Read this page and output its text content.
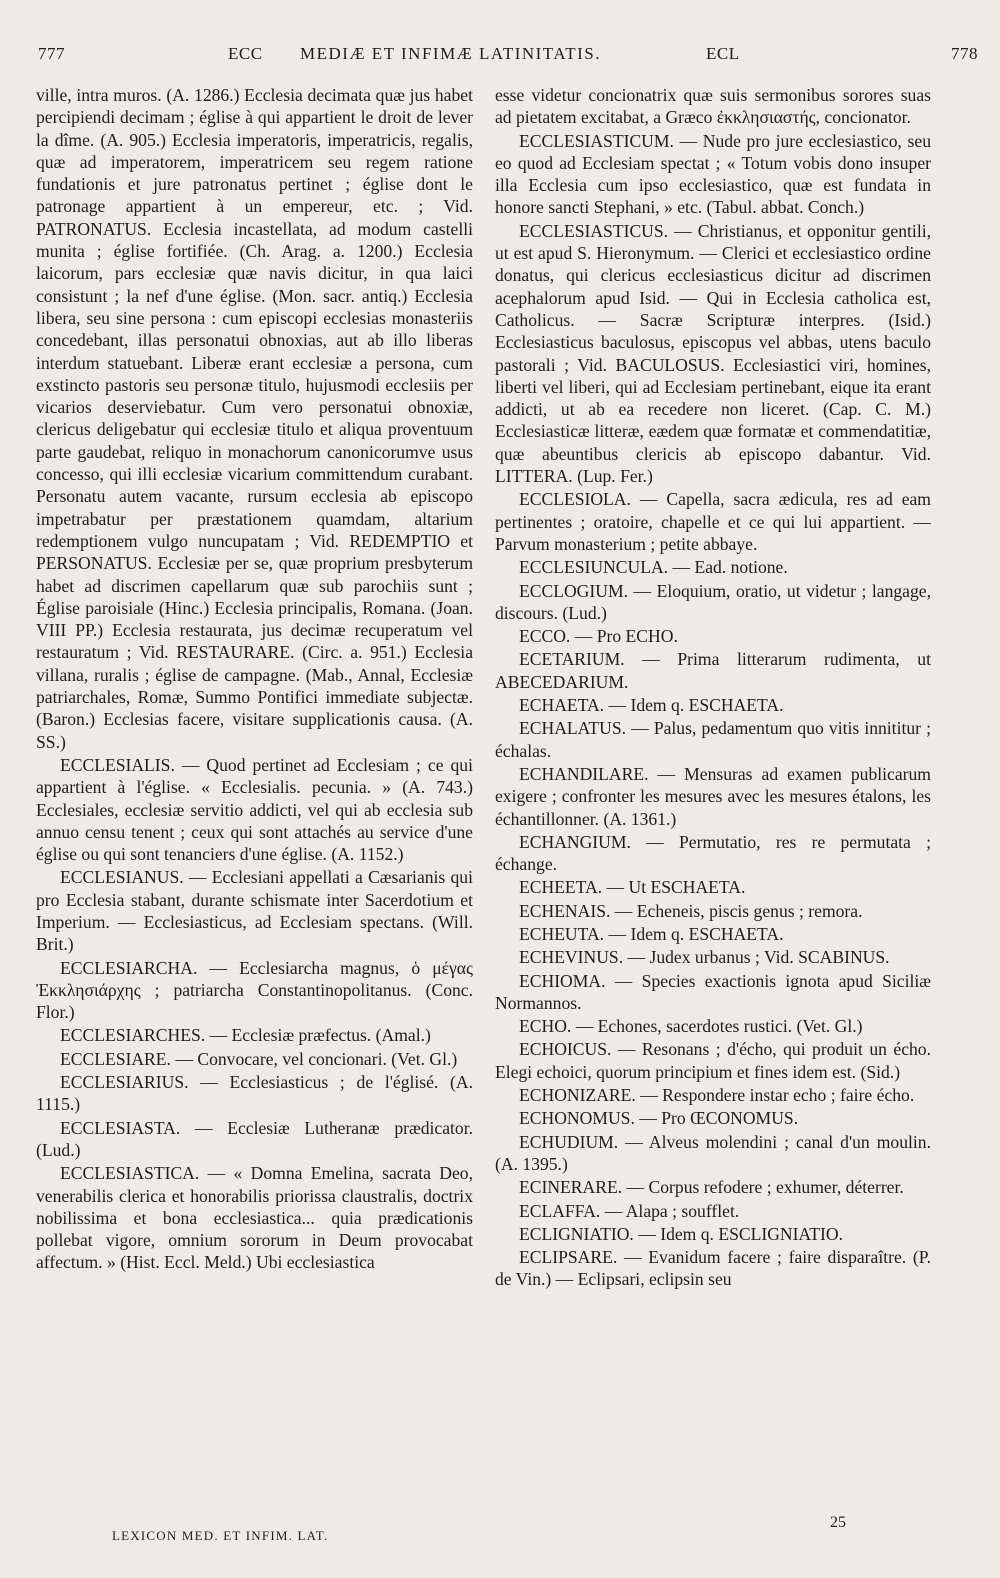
777	ECC MEDIÆ ET INFIMÆ LATINITATIS.	ECL	778

ville, intra muros. (A. 1286.) Ecclesia decimata quæ jus habet percipiendi decimam ; église à qui appartient le droit de lever la dîme. (A. 905.) Ecclesia imperatoris, imperatricis, regalis, quæ ad imperatorem, imperatricem seu regem ratione fundationis et jure patronatus pertinet ; église dont le patronage appartient à un empereur, etc. ; Vid. PATRONATUS. Ecclesia incastellata, ad modum castelli munita ; église fortifiée. (Ch. Arag. a. 1200.) Ecclesia laicorum, pars ecclesiæ quæ navis dicitur, in qua laici consistunt ; la nef d'une église. (Mon. sacr. antiq.) Ecclesia libera, seu sine persona : cum episcopi ecclesias monasteriis concedebant, illas personatui obnoxias, aut ab illo liberas interdum statuebant. Liberæ erant ecclesiæ a persona, cum exstincto pastoris seu personæ titulo, hujusmodi ecclesiis per vicarios deserviebatur. Cum vero personatui obnoxiæ, clericus deligebatur qui ecclesiæ titulo et aliqua proventuum parte gaudebat, reliquo in monachorum canonicorumve usus concesso, qui illi ecclesiæ vicarium committendum curabant. Personatu autem vacante, rursum ecclesia ab episcopo impetrabatur per præstationem quamdam, altarium redemptionem vulgo nuncupatam ; Vid. REDEMPTIO et PERSONATUS. Ecclesiæ per se, quæ proprium presbyterum habet ad discrimen capellarum quæ sub parochiis sunt ; Église paroisiale (Hinc.) Ecclesia principalis, Romana. (Joan. VIII PP.) Ecclesia restaurata, jus decimæ recuperatum vel restauratum ; Vid. RESTAURARE. (Circ. a. 951.) Ecclesia villana, ruralis ; église de campagne. (Mab., Annal, Ecclesiæ patriarchales, Romæ, Summo Pontifici immediate subjectæ. (Baron.) Ecclesias facere, visitare supplicationis causa. (A. SS.)

ECCLESIALIS. — Quod pertinet ad Ecclesiam ; ce qui appartient à l'église. « Ecclesialis. pecunia. » (A. 743.) Ecclesiales, ecclesiæ servitio addicti, vel qui ab ecclesia sub annuo censu tenent ; ceux qui sont attachés au service d'une église ou qui sont tenanciers d'une église. (A. 1152.)

ECCLESIANUS. — Ecclesiani appellati a Cæsarianis qui pro Ecclesia stabant, durante schismate inter Sacerdotium et Imperium. — Ecclesiasticus, ad Ecclesiam spectans. (Will. Brit.)

ECCLESIARCHA. — Ecclesiarcha magnus, ὁ μέγας Ἐκκλησιάρχης ; patriarcha Constantinopolitanus. (Conc. Flor.)

ECCLESIARCHES. — Ecclesiæ præfectus. (Amal.)

ECCLESIARE. — Convocare, vel concionari. (Vet. Gl.)

ECCLESIARIUS. — Ecclesiasticus ; de l'églisé. (A. 1115.)

ECCLESIASTA. — Ecclesiæ Lutheranæ prædicator. (Lud.)

ECCLESIASTICA. — « Domna Emelina, sacrata Deo, venerabilis clerica et honorabilis priorissa claustralis, doctrix nobilissima et bona ecclesiastica... quia prædicationis pollebat vigore, omnium sororum in Deum provocabat affectum. » (Hist. Eccl. Meld.) Ubi ecclesiastica

esse videtur concionatrix quæ suis sermonibus sorores suas ad pietatem excitabat, a Græco ἐκκλησιαστής, concionator.

ECCLESIASTICUM. — Nude pro jure ecclesiastico, seu eo quod ad Ecclesiam spectat ; « Totum vobis dono insuper illa Ecclesia cum ipso ecclesiastico, quæ est fundata in honore sancti Stephani, » etc. (Tabul. abbat. Conch.)

ECCLESIASTICUS. — Christianus, et opponitur gentili, ut est apud S. Hieronymum. — Clerici et ecclesiastico ordine donatus, qui clericus ecclesiasticus dicitur ad discrimen acephalorum apud Isid. — Qui in Ecclesia catholica est, Catholicus. — Sacræ Scripturæ interpres. (Isid.) Ecclesiasticus baculosus, episcopus vel abbas, utens baculo pastorali ; Vid. BACULOSUS. Ecclesiastici viri, homines, liberti vel liberi, qui ad Ecclesiam pertinebant, eique ita erant addicti, ut ab ea recedere non liceret. (Cap. C. M.) Ecclesiasticæ litteræ, eædem quæ formatæ et commendatitiæ, quæ abeuntibus clericis ab episcopo dabantur. Vid. LITTERA. (Lup. Fer.)

ECCLESIOLA. — Capella, sacra ædicula, res ad eam pertinentes ; oratoire, chapelle et ce qui lui appartient. — Parvum monasterium ; petite abbaye.

ECCLESIUNCULA. — Ead. notione.

ECCLOGIUM. — Eloquium, oratio, ut videtur ; langage, discours. (Lud.)

ECCO. — Pro ECHO.

ECETARIUM. — Prima litterarum rudimenta, ut ABECEDARIUM.

ECHAETA. — Idem q. ESCHAETA.

ECHALATUS. — Palus, pedamentum quo vitis innititur ; échalas.

ECHANDILARE. — Mensuras ad examen publicarum exigere ; confronter les mesures avec les mesures étalons, les échantillonner. (A. 1361.)

ECHANGIUM. — Permutatio, res re permutata ; échange.

ECHEETA. — Ut ESCHAETA.

ECHENAIS. — Echeneis, piscis genus ; remora.

ECHEUTA. — Idem q. ESCHAETA.

ECHEVINUS. — Judex urbanus ; Vid. SCABINUS.

ECHIOMA. — Species exactionis ignota apud Siciliæ Normannos.

ECHO. — Echones, sacerdotes rustici. (Vet. Gl.)

ECHOICUS. — Resonans ; d'écho, qui produit un écho. Elegi echoici, quorum principium et fines idem est. (Sid.)

ECHONIZARE. — Respondere instar echo ; faire écho.

ECHONOMUS. — Pro ŒCONOMUS.

ECHUDIUM. — Alveus molendini ; canal d'un moulin. (A. 1395.)

ECINERARE. — Corpus refodere ; exhumer, déterrer.

ECLAFFA. — Alapa ; soufflet.

ECLIGNIATIO. — Idem q. ESCLIGNIATIO.

ECLIPSARE. — Evanidum facere ; faire disparaître. (P. de Vin.) — Eclipsari, eclipsin seu

LEXICON MED. ET INFIM. LAT.
25
